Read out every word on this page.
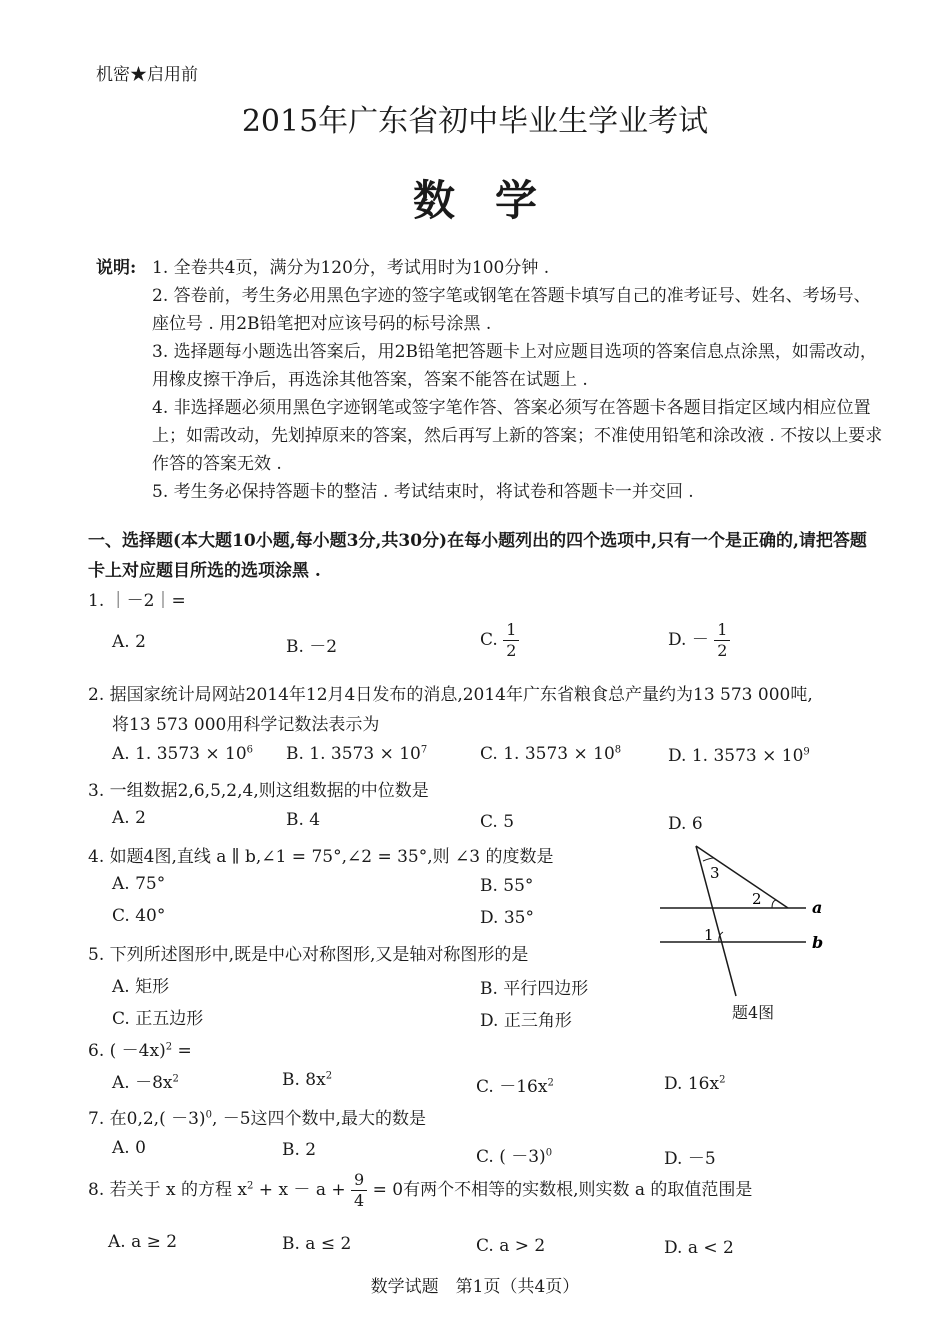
机密★启用前
2015年广东省初中毕业生学业考试
数学
说明: 1. 全卷共4页，满分为120分，考试用时为100分钟 .
2. 答卷前，考生务必用黑色字迹的签字笔或钢笔在答题卡填写自己的准考证号、姓名、考场号、座位号 . 用2B铅笔把对应该号码的标号涂黑 .
3. 选择题每小题选出答案后，用2B铅笔把答题卡上对应题目选项的答案信息点涂黑，如需改动，用橡皮擦干净后，再选涂其他答案，答案不能答在试题上 .
4. 非选择题必须用黑色字迹钢笔或签字笔作答、答案必须写在答题卡各题目指定区域内相应位置上；如需改动，先划掉原来的答案，然后再写上新的答案；不准使用铅笔和涂改液 . 不按以上要求作答的答案无效 .
5. 考生务必保持答题卡的整洁 . 考试结束时，将试卷和答题卡一并交回 .
一、选择题(本大题10小题,每小题3分,共30分)在每小题列出的四个选项中,只有一个是正确的,请把答题卡上对应题目所选的选项涂黑 .
1. ｜－2｜=
A. 2	B. －2	C. $\frac{1}{2}$	D. － $\frac{1}{2}$
2. 据国家统计局网站2014年12月4日发布的消息,2014年广东省粮食总产量约为13 573 000吨,
将13 573 000用科学记数法表示为
A. 1. $3573 \times 10^6$ B. 1. $3573 \times 10^7$	C. 1. $3573 \times 10^8$	D. 1. $3573 \times 10^9$
3. 一组数据2,6,5,2,4,则这组数据的中位数是
A. 2	B. 4	C. 5	D. 6
4. 如题4图,直线 a ∥ b,∠1 = 75°,∠2 = 35°,则 ∠3 的度数是
A. 75°	B. 55°
C. 40°	D. 35°
3
2
1
a
b
题4图
5. 下列所述图形中,既是中心对称图形,又是轴对称图形的是
A. 矩形	B. 平行四边形
C. 正五边形	D. 正三角形
6. ( －4x)$^2$ =
A. $-8x^2$	B. $8x^2$
C. $-16x^2$	D. $16x^2$
7. 在$0,2,( -3)^0$, －5这四个数中,最大的数是
A. 0	B. 2	C. ( －3)$^0$	D. －5
8. 若关于 x 的方程 $x^2 + x - a + \frac{9}{4} = 0$有两个不相等的实数根,则实数 a 的取值范围是
A. a ≥ 2	B. a ≤ 2	C. a > 2	D. a < 2
数学试题　第1页（共4页）
